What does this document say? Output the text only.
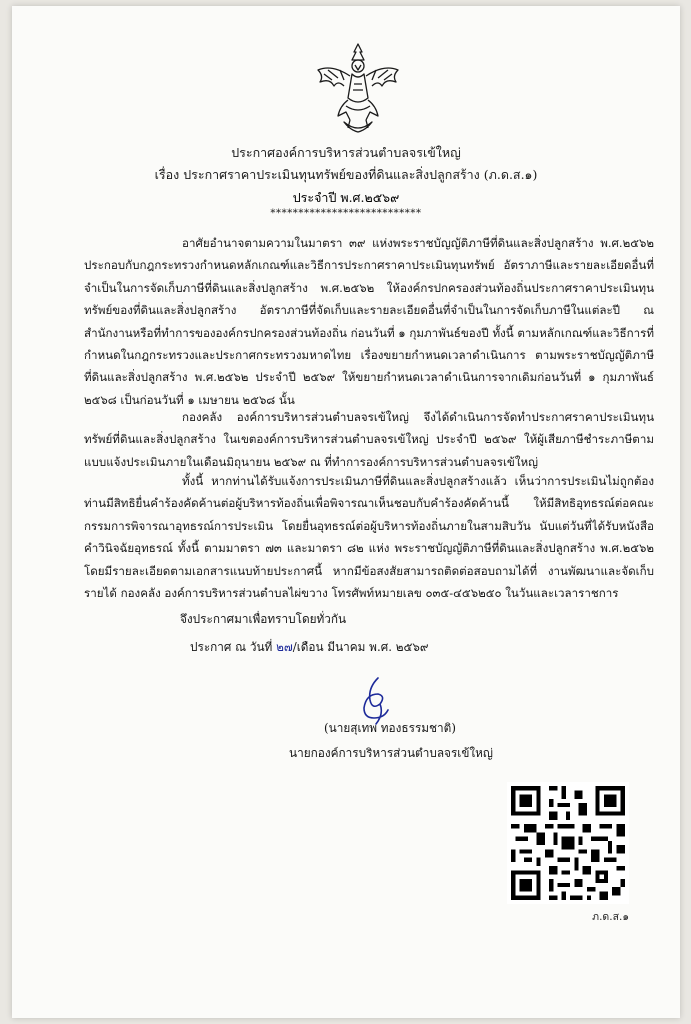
ประกาศองค์การบริหารส่วนตำบลจรเข้ใหญ่

เรื่อง ประกาศราคาประเมินทุนทรัพย์ของที่ดินและสิ่งปลูกสร้าง (ภ.ด.ส.๑)

ประจำปี พ.ศ.๒๕๖๙
***************************

อาศัยอำนาจตามความในมาตรา ๓๙ แห่งพระราชบัญญัติภาษีที่ดินและสิ่งปลูกสร้าง พ.ศ.๒๕๖๒ ประกอบกับกฎกระทรวงกำหนดหลักเกณฑ์และวิธีการประกาศราคาประเมินทุนทรัพย์ อัตราภาษีและรายละเอียดอื่นที่จำเป็นในการจัดเก็บภาษีที่ดินและสิ่งปลูกสร้าง พ.ศ.๒๕๖๒ ให้องค์กรปกครองส่วนท้องถิ่นประกาศราคาประเมินทุนทรัพย์ของที่ดินและสิ่งปลูกสร้าง อัตราภาษีที่จัดเก็บและรายละเอียดอื่นที่จำเป็นในการจัดเก็บภาษีในแต่ละปี ณ สำนักงานหรือที่ทำการขององค์กรปกครองส่วนท้องถิ่น ก่อนวันที่ ๑ กุมภาพันธ์ของปี ทั้งนี้ ตามหลักเกณฑ์และวิธีการที่กำหนดในกฎกระทรวงและประกาศกระทรวงมหาดไทย เรื่องขยายกำหนดเวลาดำเนินการ ตามพระราชบัญญัติภาษีที่ดินและสิ่งปลูกสร้าง พ.ศ.๒๕๖๒ ประจำปี ๒๕๖๙ ให้ขยายกำหนดเวลาดำเนินการจากเดิมก่อนวันที่ ๑ กุมภาพันธ์ ๒๕๖๘ เป็นก่อนวันที่ ๑ เมษายน ๒๕๖๘ นั้น

กองคลัง องค์การบริหารส่วนตำบลจรเข้ใหญ่ จึงได้ดำเนินการจัดทำประกาศราคาประเมินทุนทรัพย์ที่ดินและสิ่งปลูกสร้าง ในเขตองค์การบริหารส่วนตำบลจรเข้ใหญ่ ประจำปี ๒๕๖๙ ให้ผู้เสียภาษีชำระภาษีตามแบบแจ้งประเมินภายในเดือนมิถุนายน ๒๕๖๙ ณ ที่ทำการองค์การบริหารส่วนตำบลจรเข้ใหญ่

ทั้งนี้ หากท่านได้รับแจ้งการประเมินภาษีที่ดินและสิ่งปลูกสร้างแล้ว เห็นว่าการประเมินไม่ถูกต้อง ท่านมีสิทธิยื่นคำร้องคัดค้านต่อผู้บริหารท้องถิ่นเพื่อพิจารณาเห็นชอบกับคำร้องคัดค้านนี้ ให้มีสิทธิอุทธรณ์ต่อคณะกรรมการพิจารณาอุทธรณ์การประเมิน โดยยื่นอุทธรณ์ต่อผู้บริหารท้องถิ่นภายในสามสิบวัน นับแต่วันที่ได้รับหนังสือคำวินิจฉัยอุทธรณ์ ทั้งนี้ ตามมาตรา ๗๓ และมาตรา ๘๒ แห่ง พระราชบัญญัติภาษีที่ดินและสิ่งปลูกสร้าง พ.ศ.๒๕๖๒ โดยมีรายละเอียดตามเอกสารแนบท้ายประกาศนี้ หากมีข้อสงสัยสามารถติดต่อสอบถามได้ที่ งานพัฒนาและจัดเก็บรายได้ กองคลัง องค์การบริหารส่วนตำบลไผ่ขวาง โทรศัพท์หมายเลข ๐๓๕-๔๕๖๒๕๐ ในวันและเวลาราชการ

จึงประกาศมาเพื่อทราบโดยทั่วกัน
ประกาศ ณ วันที่ ๒๗/เดือน มีนาคม พ.ศ. ๒๕๖๙
(นายสุเทพ ทองธรรมชาติ)
นายกองค์การบริหารส่วนตำบลจรเข้ใหญ่
ภ.ด.ส.๑
